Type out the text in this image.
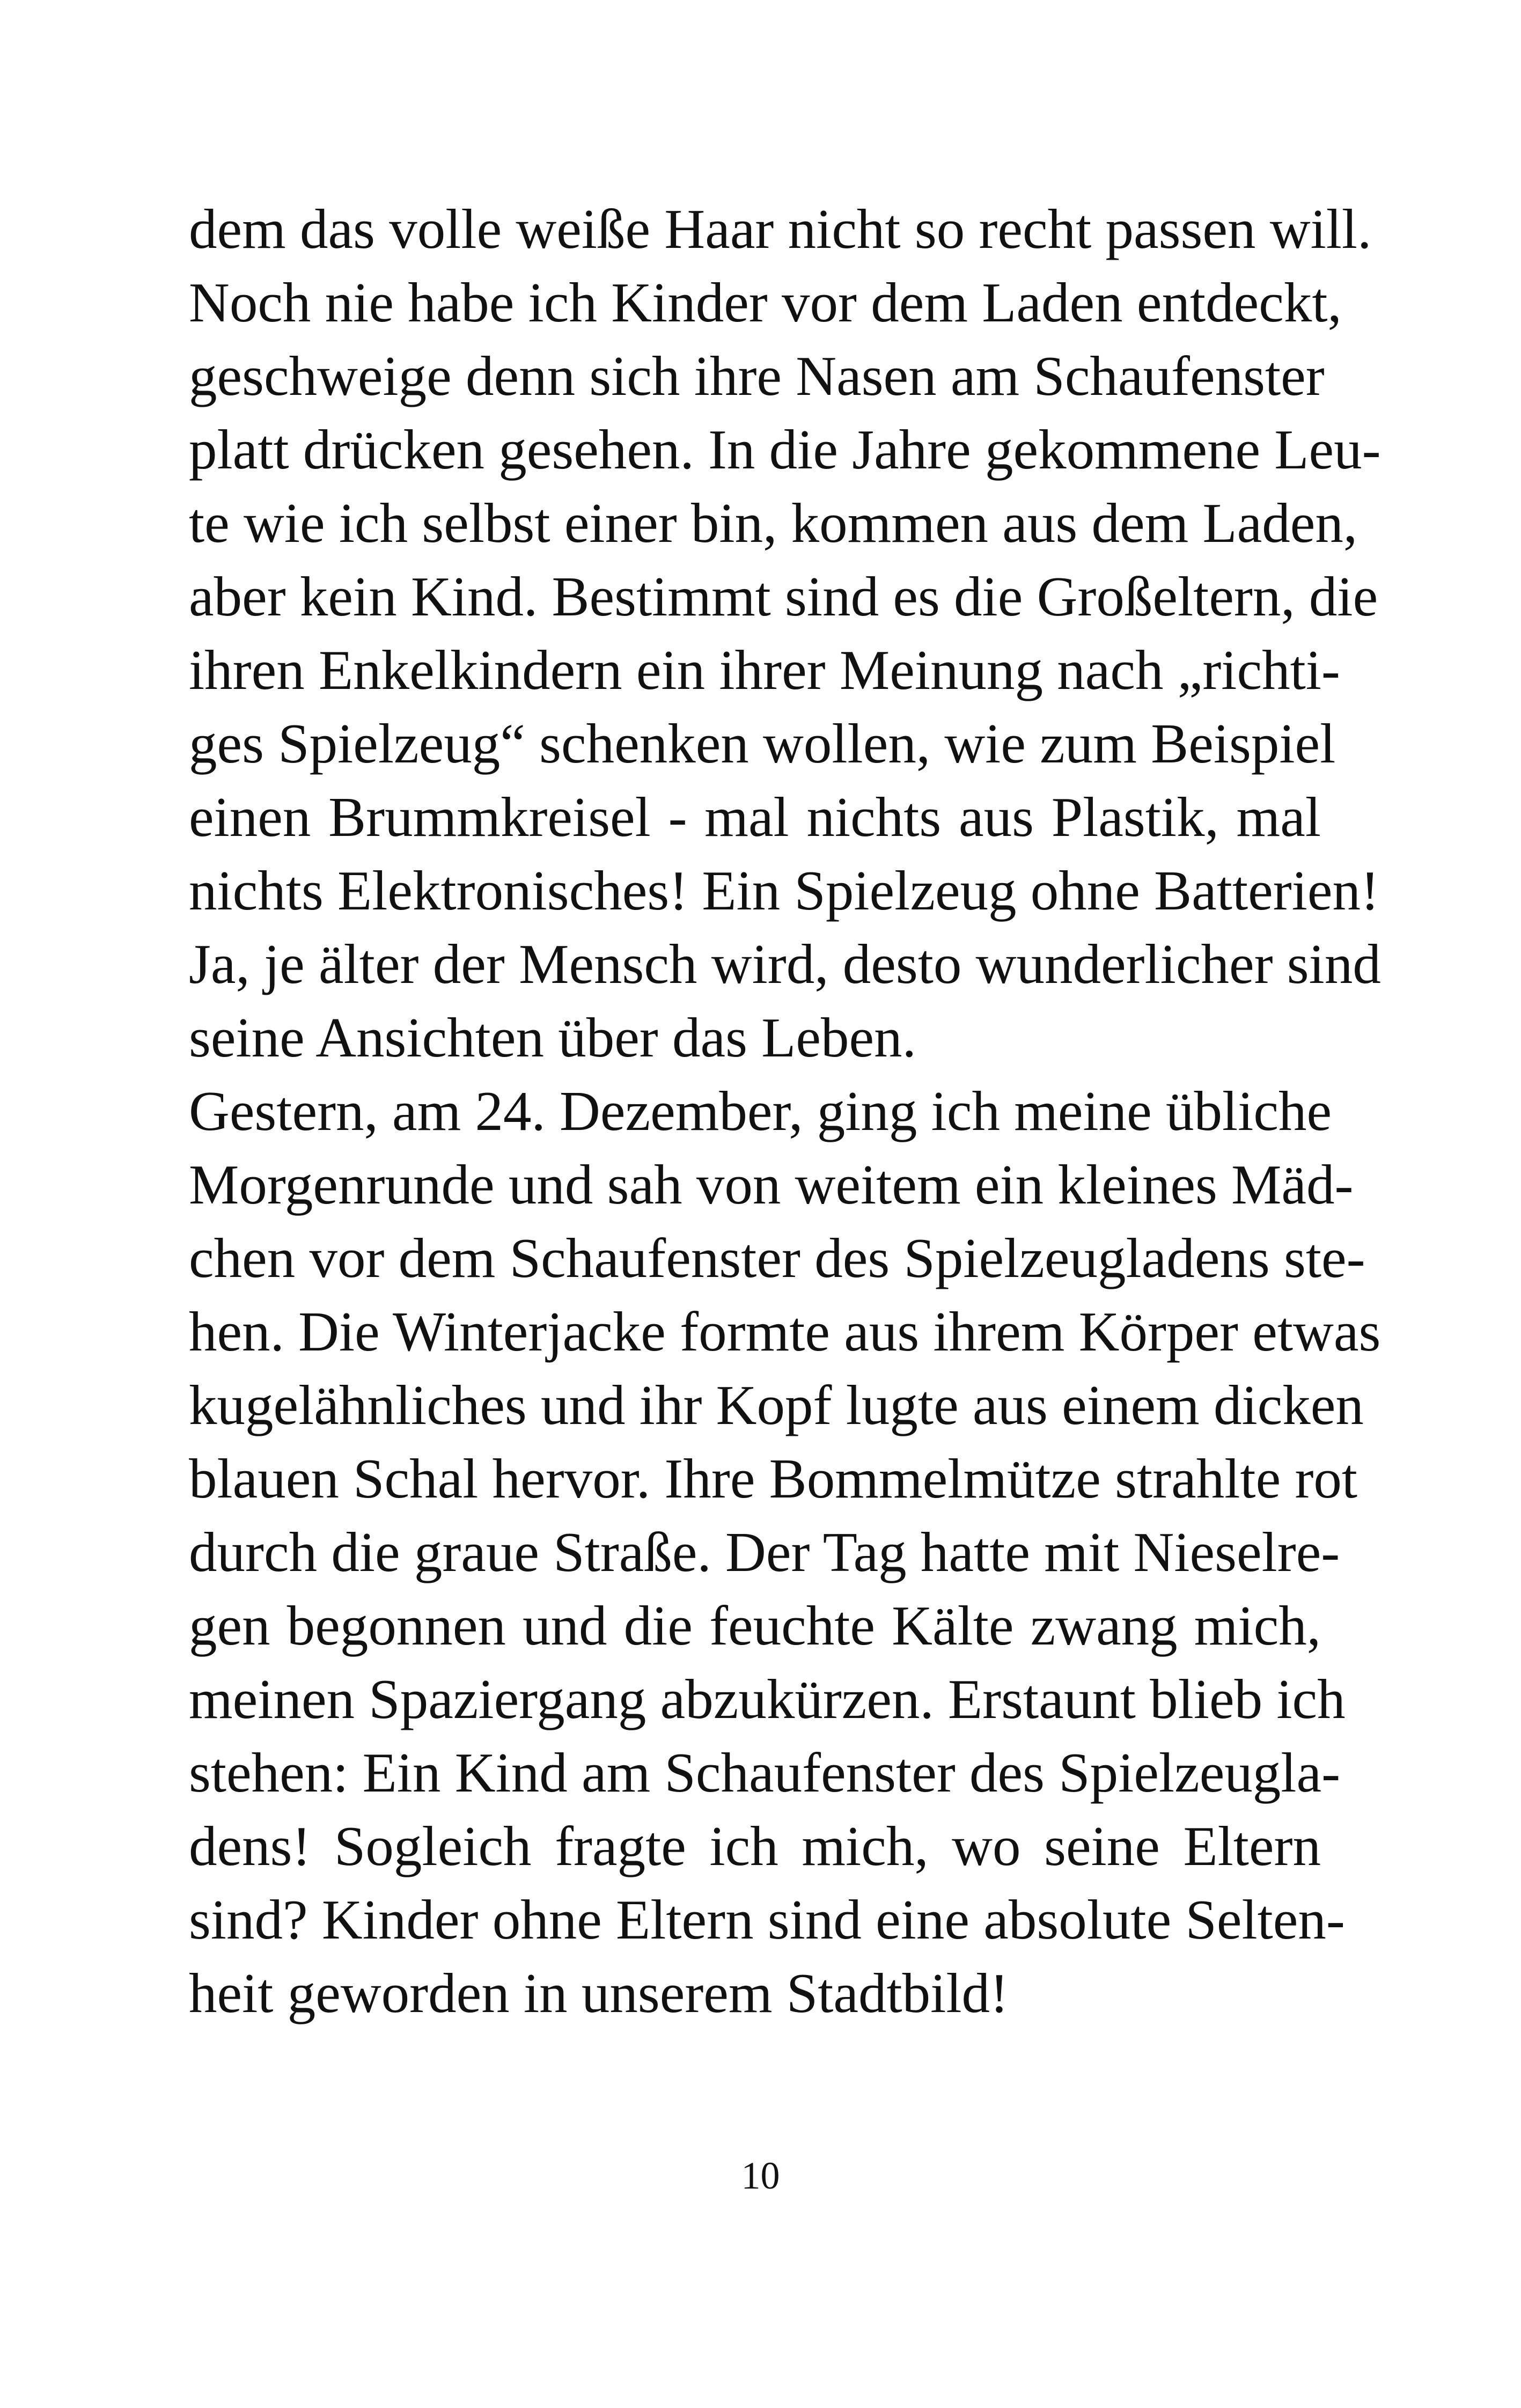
dem das volle weiße Haar nicht so recht passen will.
Noch nie habe ich Kinder vor dem Laden entdeckt,
geschweige denn sich ihre Nasen am Schaufenster
platt drücken gesehen. In die Jahre gekommene Leu-
te wie ich selbst einer bin, kommen aus dem Laden,
aber kein Kind. Bestimmt sind es die Großeltern, die
ihren Enkelkindern ein ihrer Meinung nach „richti-
ges Spielzeug“ schenken wollen, wie zum Beispiel
einen Brummkreisel - mal nichts aus Plastik, mal
nichts Elektronisches! Ein Spielzeug ohne Batterien!
Ja, je älter der Mensch wird, desto wunderlicher sind
seine Ansichten über das Leben.
Gestern, am 24. Dezember, ging ich meine übliche
Morgenrunde und sah von weitem ein kleines Mäd-
chen vor dem Schaufenster des Spielzeugladens ste-
hen. Die Winterjacke formte aus ihrem Körper etwas
kugelähnliches und ihr Kopf lugte aus einem dicken
blauen Schal hervor. Ihre Bommelmütze strahlte rot
durch die graue Straße. Der Tag hatte mit Nieselre-
gen begonnen und die feuchte Kälte zwang mich,
meinen Spaziergang abzukürzen. Erstaunt blieb ich
stehen: Ein Kind am Schaufenster des Spielzeugla-
dens! Sogleich fragte ich mich, wo seine Eltern
sind? Kinder ohne Eltern sind eine absolute Selten-
heit geworden in unserem Stadtbild!
10
